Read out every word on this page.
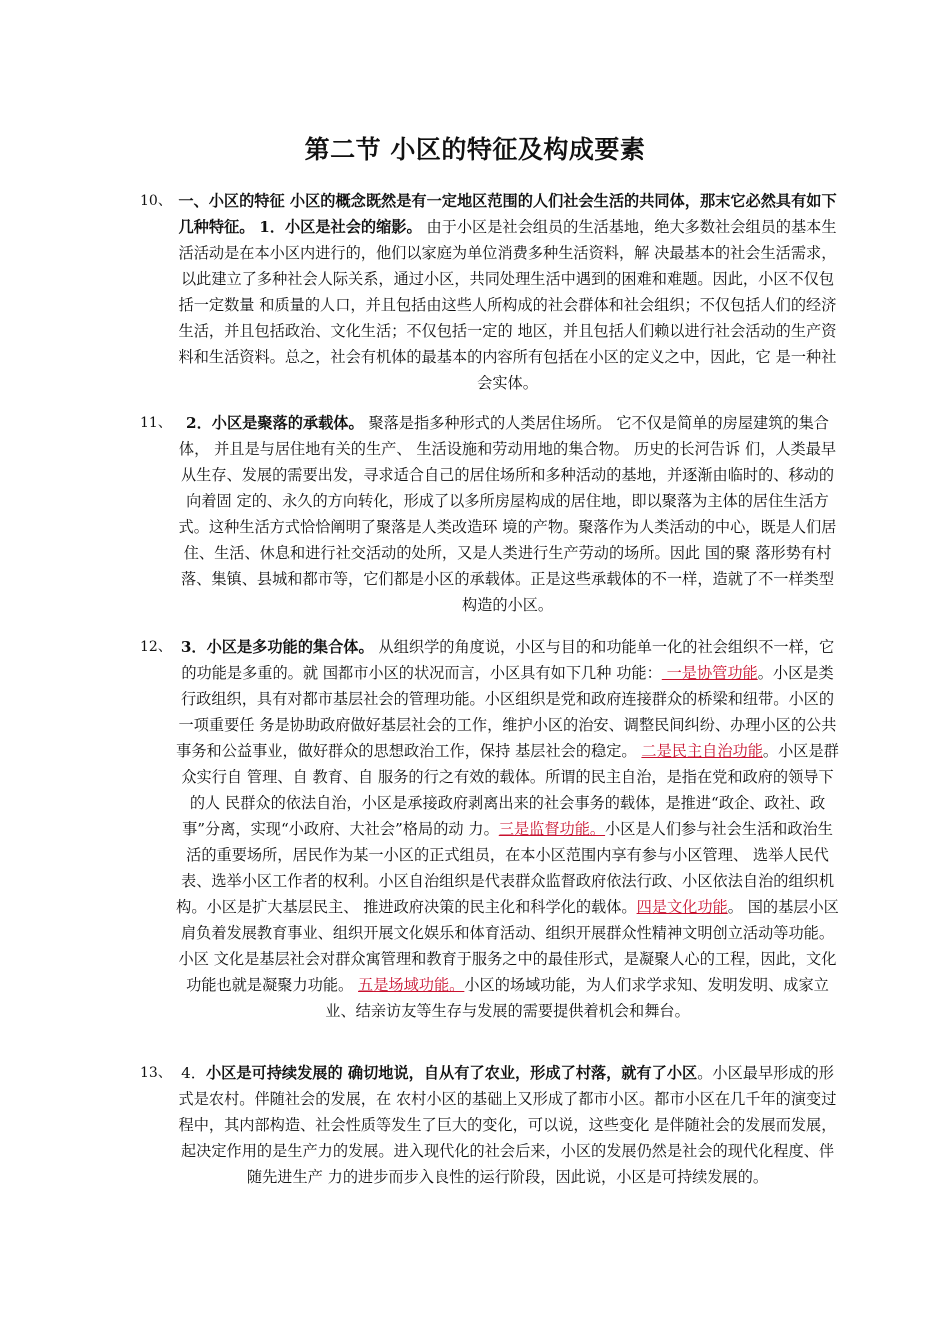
第二节 小区的特征及构成要素
10、 一、小区的特征 小区的概念既然是有一定地区范围的人们社会生活的共同体，那末它必然具有如下几种特征。 1．小区是社会的缩影。 由于小区是社会组员的生活基地，绝大多数社会组员的基本生活活动是在本小区内进行的，他们以家庭为单位消费多种生活资料，解 决最基本的社会生活需求，以此建立了多种社会人际关系，通过小区，共同处理生活中遇到的困难和难题。因此，小区不仅包括一定数量 和质量的人口，并且包括由这些人所构成的社会群体和社会组织；不仅包括人们的经济生活，并且包括政治、文化生活；不仅包括一定的 地区，并且包括人们赖以进行社会活动的生产资料和生活资料。总之，社会有机体的最基本的内容所有包括在小区的定义之中，因此，它 是一种社会实体。
11、 2．小区是聚落的承载体。 聚落是指多种形式的人类居住场所。 它不仅是简单的房屋建筑的集合体， 并且是与居住地有关的生产、 生活设施和劳动用地的集合物。 历史的长河告诉 们，人类最早从生存、发展的需要出发，寻求适合自己的居住场所和多种活动的基地，并逐渐由临时的、移动的向着固 定的、永久的方向转化，形成了以多所房屋构成的居住地，即以聚落为主体的居住生活方式。这种生活方式恰恰阐明了聚落是人类改造环 境的产物。聚落作为人类活动的中心，既是人们居住、生活、休息和进行社交活动的处所，又是人类进行生产劳动的场所。因此 国的聚 落形势有村落、集镇、县城和都市等，它们都是小区的承载体。正是这些承载体的不一样，造就了不一样类型构造的小区。
12、 3．小区是多功能的集合体。 从组织学的角度说，小区与目的和功能单一化的社会组织不一样，它的功能是多重的。就 国都市小区的状况而言，小区具有如下几种 功能： 一是协管功能。小区是类行政组织，具有对都市基层社会的管理功能。小区组织是党和政府连接群众的桥梁和纽带。小区的一项重要任 务是协助政府做好基层社会的工作，维护小区的治安、调整民间纠纷、办理小区的公共事务和公益事业，做好群众的思想政治工作，保持 基层社会的稳定。 二是民主自治功能。小区是群众实行自 管理、自 教育、自 服务的行之有效的载体。所谓的民主自治，是指在党和政府的领导下的人 民群众的依法自治，小区是承接政府剥离出来的社会事务的载体，是推进“政企、政社、政事”分离，实现“小政府、大社会”格局的动 力。三是监督功能。小区是人们参与社会生活和政治生活的重要场所，居民作为某一小区的正式组员，在本小区范围内享有参与小区管理、 选举人民代表、选举小区工作者的权利。小区自治组织是代表群众监督政府依法行政、小区依法自治的组织机构。小区是扩大基层民主、 推进政府决策的民主化和科学化的载体。四是文化功能。 国的基层小区肩负着发展教育事业、组织开展文化娱乐和体育活动、组织开展群众性精神文明创立活动等功能。小区 文化是基层社会对群众寓管理和教育于服务之中的最佳形式，是凝聚人心的工程，因此，文化功能也就是凝聚力功能。 五是场域功能。小区的场域功能，为人们求学求知、发明发明、成家立业、结亲访友等生存与发展的需要提供着机会和舞台。
13、 4．小区是可持续发展的 确切地说，自从有了农业，形成了村落，就有了小区。小区最早形成的形式是农村。伴随社会的发展，在 农村小区的基础上又形成了都市小区。都市小区在几千年的演变过程中，其内部构造、社会性质等发生了巨大的变化，可以说，这些变化 是伴随社会的发展而发展，起决定作用的是生产力的发展。进入现代化的社会后来，小区的发展仍然是社会的现代化程度、伴随先进生产 力的进步而步入良性的运行阶段，因此说，小区是可持续发展的。
